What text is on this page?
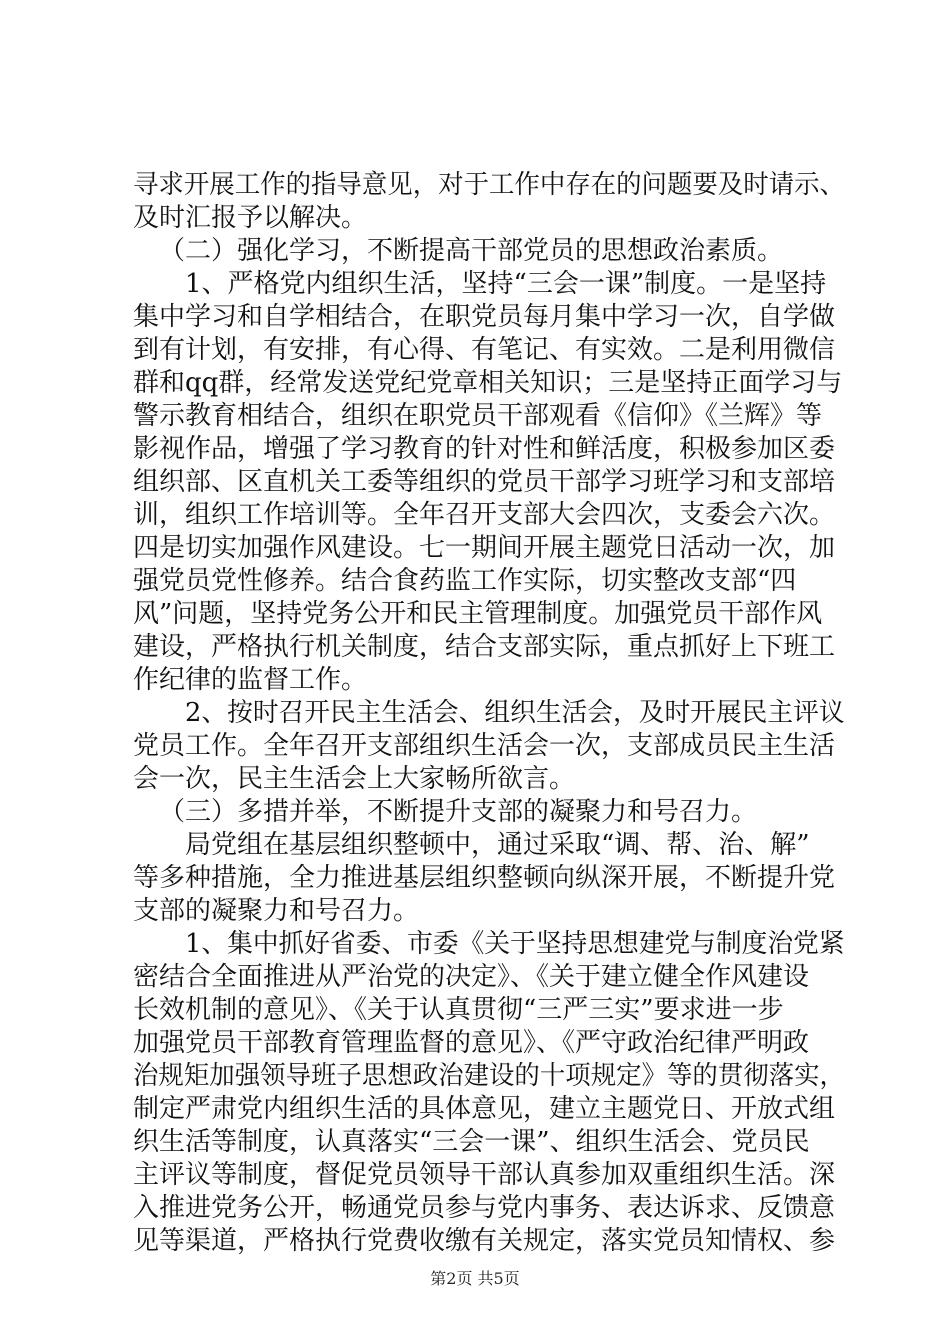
寻求开展工作的指导意见，对于工作中存在的问题要及时请示、
及时汇报予以解决。
（二）强化学习，不断提高干部党员的思想政治素质。
1、严格党内组织生活，坚持“三会一课”制度。一是坚持
集中学习和自学相结合，在职党员每月集中学习一次，自学做
到有计划，有安排，有心得、有笔记、有实效。二是利用微信
群和qq群，经常发送党纪党章相关知识；三是坚持正面学习与
警示教育相结合，组织在职党员干部观看《信仰》《兰辉》等
影视作品，增强了学习教育的针对性和鲜活度，积极参加区委
组织部、区直机关工委等组织的党员干部学习班学习和支部培
训，组织工作培训等。全年召开支部大会四次，支委会六次。
四是切实加强作风建设。七一期间开展主题党日活动一次，加
强党员党性修养。结合食药监工作实际，切实整改支部“四
风”问题，坚持党务公开和民主管理制度。加强党员干部作风
建设，严格执行机关制度，结合支部实际，重点抓好上下班工
作纪律的监督工作。
2、按时召开民主生活会、组织生活会，及时开展民主评议
党员工作。全年召开支部组织生活会一次，支部成员民主生活
会一次，民主生活会上大家畅所欲言。
（三）多措并举，不断提升支部的凝聚力和号召力。
局党组在基层组织整顿中，通过采取“调、帮、治、解”
等多种措施，全力推进基层组织整顿向纵深开展，不断提升党
支部的凝聚力和号召力。
1、集中抓好省委、市委《关于坚持思想建党与制度治党紧
密结合全面推进从严治党的决定》、《关于建立健全作风建设
长效机制的意见》、《关于认真贯彻“三严三实”要求进一步
加强党员干部教育管理监督的意见》、《严守政治纪律严明政
治规矩加强领导班子思想政治建设的十项规定》等的贯彻落实，
制定严肃党内组织生活的具体意见，建立主题党日、开放式组
织生活等制度，认真落实“三会一课”、组织生活会、党员民
主评议等制度，督促党员领导干部认真参加双重组织生活。深
入推进党务公开，畅通党员参与党内事务、表达诉求、反馈意
见等渠道，严格执行党费收缴有关规定，落实党员知情权、参
第2页 共5页
